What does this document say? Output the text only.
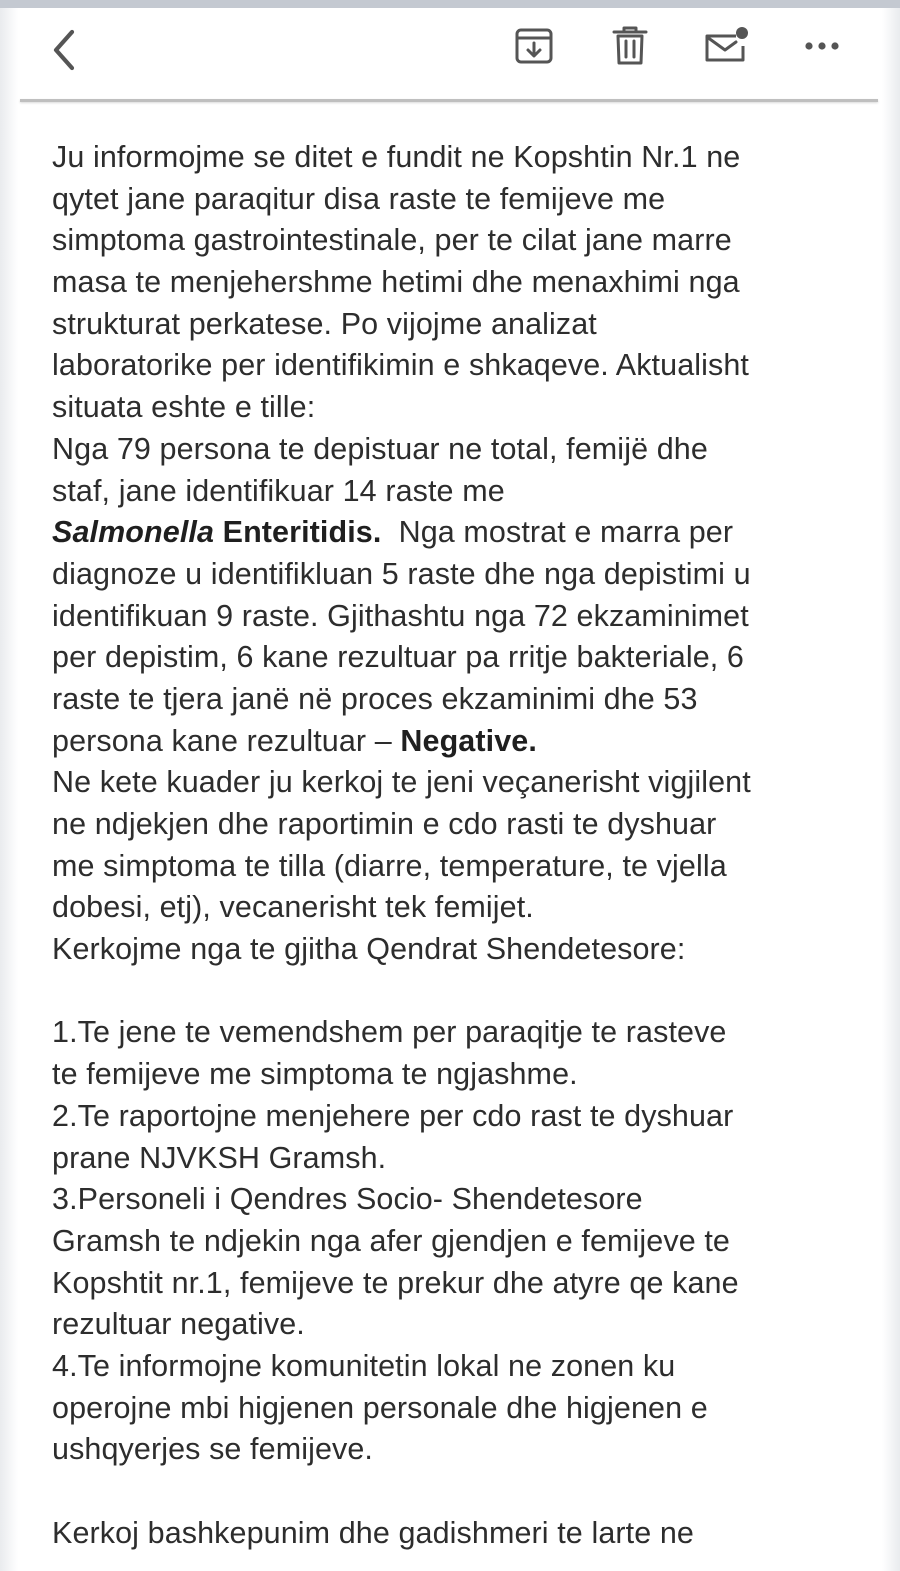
Ju informojme se ditet e fundit ne Kopshtin Nr.1 ne
qytet jane paraqitur disa raste te femijeve me
simptoma gastrointestinale, per te cilat jane marre
masa te menjehershme hetimi dhe menaxhimi nga
strukturat perkatese. Po vijojme analizat
laboratorike per identifikimin e shkaqeve. Aktualisht
situata eshte e tille:
Nga 79 persona te depistuar ne total, femijë dhe
staf, jane identifikuar 14 raste me
Salmonella Enteritidis. Nga mostrat e marra per
diagnoze u identifikluan 5 raste dhe nga depistimi u
identifikuan 9 raste. Gjithashtu nga 72 ekzaminimet
per depistim, 6 kane rezultuar pa rritje bakteriale, 6
raste te tjera janë në proces ekzaminimi dhe 53
persona kane rezultuar – Negative.
Ne kete kuader ju kerkoj te jeni veçanerisht vigjilent
ne ndjekjen dhe raportimin e cdo rasti te dyshuar
me simptoma te tilla (diarre, temperature, te vjella
dobesi, etj), vecanerisht tek femijet.
Kerkojme nga te gjitha Qendrat Shendetesore:
1.Te jene te vemendshem per paraqitje te rasteve
te femijeve me simptoma te ngjashme.
2.Te raportojne menjehere per cdo rast te dyshuar
prane NJVKSH Gramsh.
3.Personeli i Qendres Socio- Shendetesore
Gramsh te ndjekin nga afer gjendjen e femijeve te
Kopshtit nr.1, femijeve te prekur dhe atyre qe kane
rezultuar negative.
4.Te informojne komunitetin lokal ne zonen ku
operojne mbi higjenen personale dhe higjenen e
ushqyerjes se femijeve.
Kerkoj bashkepunim dhe gadishmeri te larte ne
